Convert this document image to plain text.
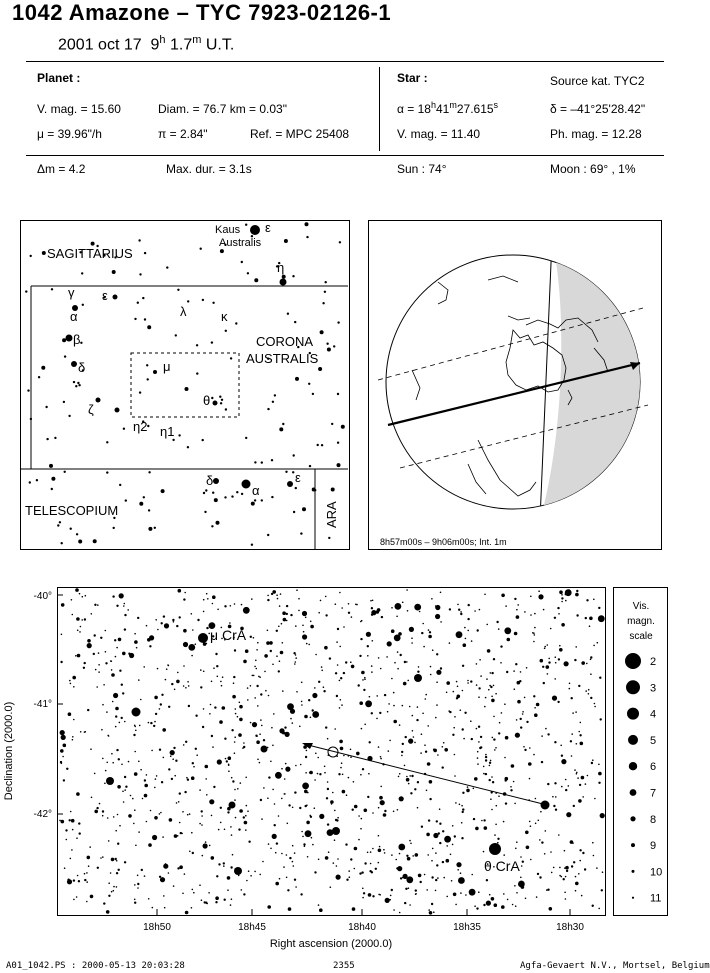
1042 Amazone – TYC 7923-02126-1
2001 oct 17 9$^h$ 1.7$^m$ U.T.
Planet :
V. mag. = 15.60	Diam. = 76.7 km = 0.03"
μ = 39.96"/h	π = 2.84"	Ref. = MPC 25408
Δm = 4.2	Max. dur. = 3.1s
Star :	Source kat. TYC2
$\alpha = 18^h41^m27.615^s$	δ = –41°25'28.42"
V. mag. = 11.40	Ph. mag. = 12.28
Sun : 74°	Moon : 69° , 1%
SAGITTARIUS
Kaus
Australis
ε
η
CORONA
AUSTRALIS
TELESCOPIUM	ARA
γ ε
α
β
δ
ζ
λ	κ
μ
θ
η2 η1
δ
α
ε
8h57m00s – 9h06m00s; Int. 1m
-40°
-41°
-42°
18h50	18h45	18h40	18h35	18h30
Right ascension (2000.0)
Declination (2000.0)
μ CrA
θ CrA
Vis.
magn.
scale
2
3
4
5
6
7
8
9
10
11
A01_1042.PS : 2000-05-13 20:03:28	2355	Agfa-Gevaert N.V., Mortsel, Belgium
